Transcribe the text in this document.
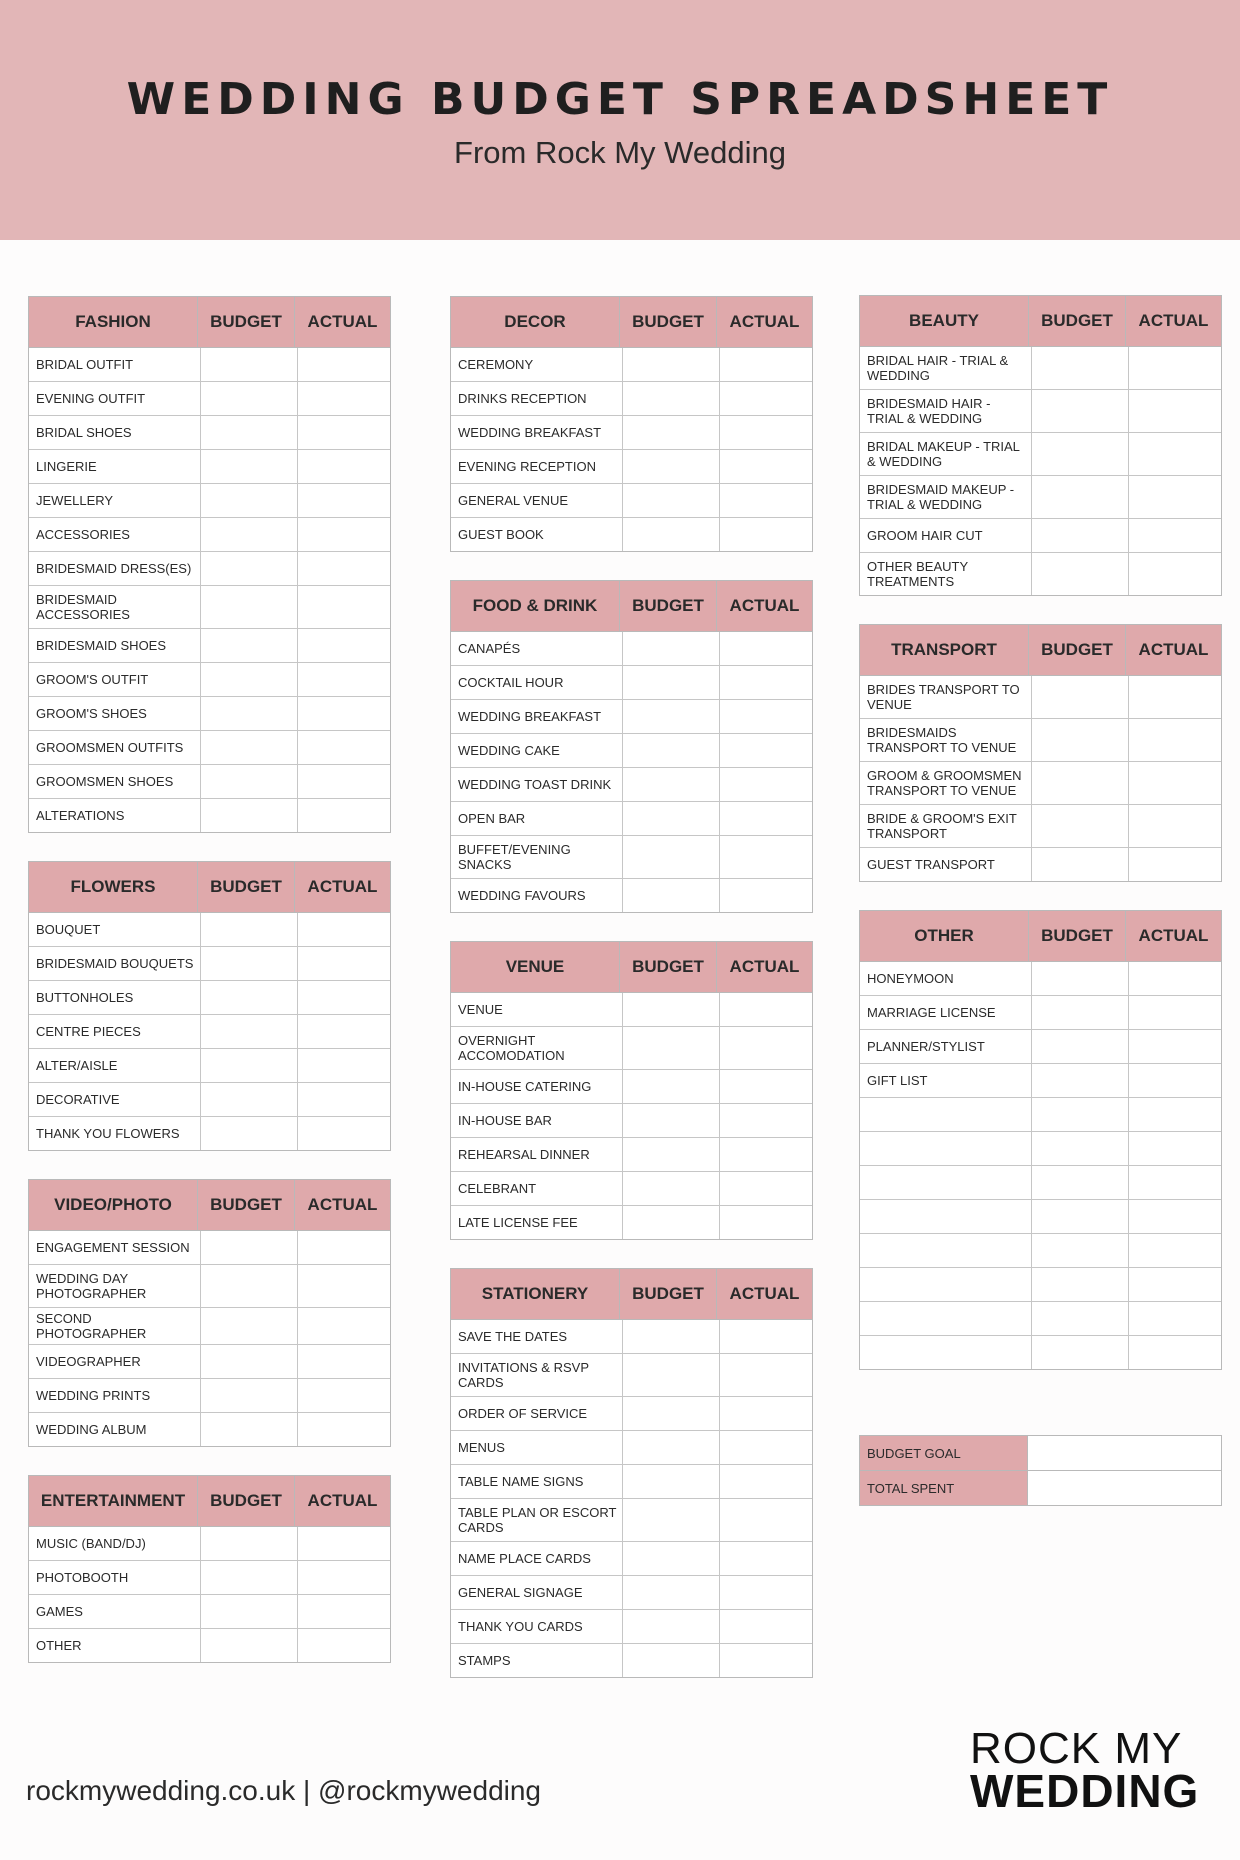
WEDDING BUDGET SPREADSHEET
From Rock My Wedding
FASHION	BUDGET	ACTUAL
BRIDAL OUTFIT
EVENING OUTFIT
BRIDAL SHOES
LINGERIE
JEWELLERY
ACCESSORIES
BRIDESMAID DRESS(ES)
BRIDESMAID ACCESSORIES
BRIDESMAID SHOES
GROOM'S OUTFIT
GROOM'S SHOES
GROOMSMEN OUTFITS
GROOMSMEN SHOES
ALTERATIONS
FLOWERS	BUDGET	ACTUAL
BOUQUET
BRIDESMAID BOUQUETS
BUTTONHOLES
CENTRE PIECES
ALTER/AISLE
DECORATIVE
THANK YOU FLOWERS
VIDEO/PHOTO	BUDGET	ACTUAL
ENGAGEMENT SESSION
WEDDING DAY PHOTOGRAPHER
SECOND PHOTOGRAPHER
VIDEOGRAPHER
WEDDING PRINTS
WEDDING ALBUM
ENTERTAINMENT	BUDGET	ACTUAL
MUSIC (BAND/DJ)
PHOTOBOOTH
GAMES
OTHER
DECOR	BUDGET	ACTUAL
CEREMONY
DRINKS RECEPTION
WEDDING BREAKFAST
EVENING RECEPTION
GENERAL VENUE
GUEST BOOK
FOOD & DRINK	BUDGET	ACTUAL
CANAPÉS
COCKTAIL HOUR
WEDDING BREAKFAST
WEDDING CAKE
WEDDING TOAST DRINK
OPEN BAR
BUFFET/EVENING SNACKS
WEDDING FAVOURS
VENUE	BUDGET	ACTUAL
VENUE
OVERNIGHT ACCOMODATION
IN-HOUSE CATERING
IN-HOUSE BAR
REHEARSAL DINNER
CELEBRANT
LATE LICENSE FEE
STATIONERY	BUDGET	ACTUAL
SAVE THE DATES
INVITATIONS & RSVP CARDS
ORDER OF SERVICE
MENUS
TABLE NAME SIGNS
TABLE PLAN OR ESCORT CARDS
NAME PLACE CARDS
GENERAL SIGNAGE
THANK YOU CARDS
STAMPS
BEAUTY	BUDGET	ACTUAL
BRIDAL HAIR - TRIAL & WEDDING
BRIDESMAID HAIR - TRIAL & WEDDING
BRIDAL MAKEUP - TRIAL & WEDDING
BRIDESMAID MAKEUP - TRIAL & WEDDING
GROOM HAIR CUT
OTHER BEAUTY TREATMENTS
TRANSPORT	BUDGET	ACTUAL
BRIDES TRANSPORT TO VENUE
BRIDESMAIDS TRANSPORT TO VENUE
GROOM & GROOMSMEN TRANSPORT TO VENUE
BRIDE & GROOM'S EXIT TRANSPORT
GUEST TRANSPORT
OTHER	BUDGET	ACTUAL
HONEYMOON
MARRIAGE LICENSE
PLANNER/STYLIST
GIFT LIST
BUDGET GOAL
TOTAL SPENT
rockmywedding.co.uk | @rockmywedding
ROCK MY
WEDDING
